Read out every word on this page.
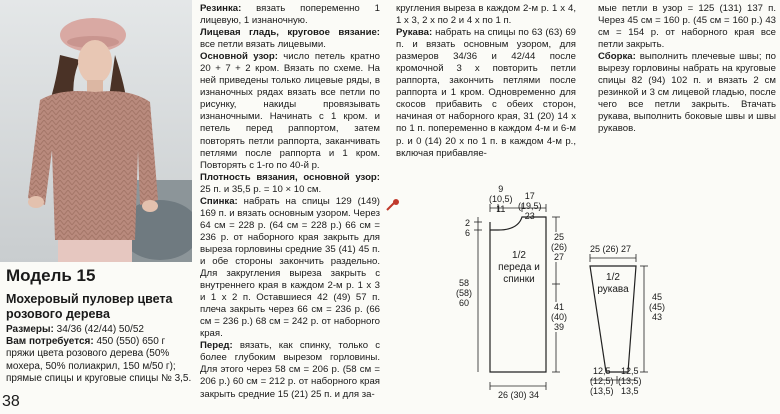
Модель 15
Мохеровый пуловер цвета розового дерева

Размеры: 34/36 (42/44) 50/52

Вам потребуется: 450 (550) 650 г пряжи цвета розового дерева (50% мохера, 50% полиакрил, 150 м/50 г); прямые спицы и круговые спицы № 3,5.

38

Резинка: вязать попеременно 1 лицевую, 1 изнаночную.

Лицевая гладь, круговое вязание: все петли вязать лицевыми.

Основной узор: число петель кратно 20 + 7 + 2 кром. Вязать по схеме. На ней приведены только лицевые ряды, в изнаночных рядах вязать все петли по рисунку, накиды провязывать изнаночными. Начинать с 1 кром. и петель перед раппортом, затем повторять петли раппорта, заканчивать петлями после раппорта и 1 кром. Повторять с 1-го по 40-й р.

Плотность вязания, основной узор: 25 п. и 35,5 р. = 10 × 10 см.

Спинка: набрать на спицы 129 (149) 169 п. и вязать основным узором. Через 64 см = 228 р. (64 см = 228 р.) 66 см = 236 р. от наборного края закрыть для выреза горловины средние 35 (41) 45 п. и обе стороны закончить раздельно. Для закругления выреза закрыть с внутреннего края в каждом 2-м р. 1 х 3 и 1 х 2 п. Оставшиеся 42 (49) 57 п. плеча закрыть через 66 см = 236 р. (66 см = 236 р.) 68 см = 242 р. от наборного края.

Перед: вязать, как спинку, только с более глубоким вырезом горловины. Для этого через 58 см = 206 р. (58 см = 206 р.) 60 см = 212 р. от наборного края закрыть средние 15 (21) 25 п. и для за-

кругления выреза в каждом 2-м р. 1 х 4, 1 х 3, 2 х по 2 и 4 х по 1 п.

Рукава: набрать на спицы по 63 (63) 69 п. и вязать основным узором, для размеров 34/36 и 42/44 после кромочной 3 х повторить петли раппорта, закончить петлями после раппорта и 1 кром. Одновременно для скосов прибавить с обеих сторон, начиная от наборного края, 31 (20) 14 х по 1 п. попеременно в каждом 4-м и 6-м р. и 0 (14) 20 х по 1 п. в каждом 4-м р., включая прибавляе-

мые петли в узор = 125 (131) 137 п. Через 45 см = 160 р. (45 см = 160 р.) 43 см = 154 р. от наборного края все петли закрыть.

Сборка: выполнить плечевые швы; по вырезу горловины набрать на круговые спицы 82 (94) 102 п. и вязать 2 см резинкой и 3 см лицевой гладью, после чего все петли закрыть. Втачать рукава, выполнить боковые швы и швы рукавов.

9
(10,5)
11
17
(19,5)
23
2
6
58
(58)
60
25
(26)
27
41
(40)
39
1/2
переда и спинки
26 (30) 34
25 (26) 27
1/2
рукава
45
(45)
43
12,5
(12,5)
(13,5)
12,5
(13,5)
13,5
